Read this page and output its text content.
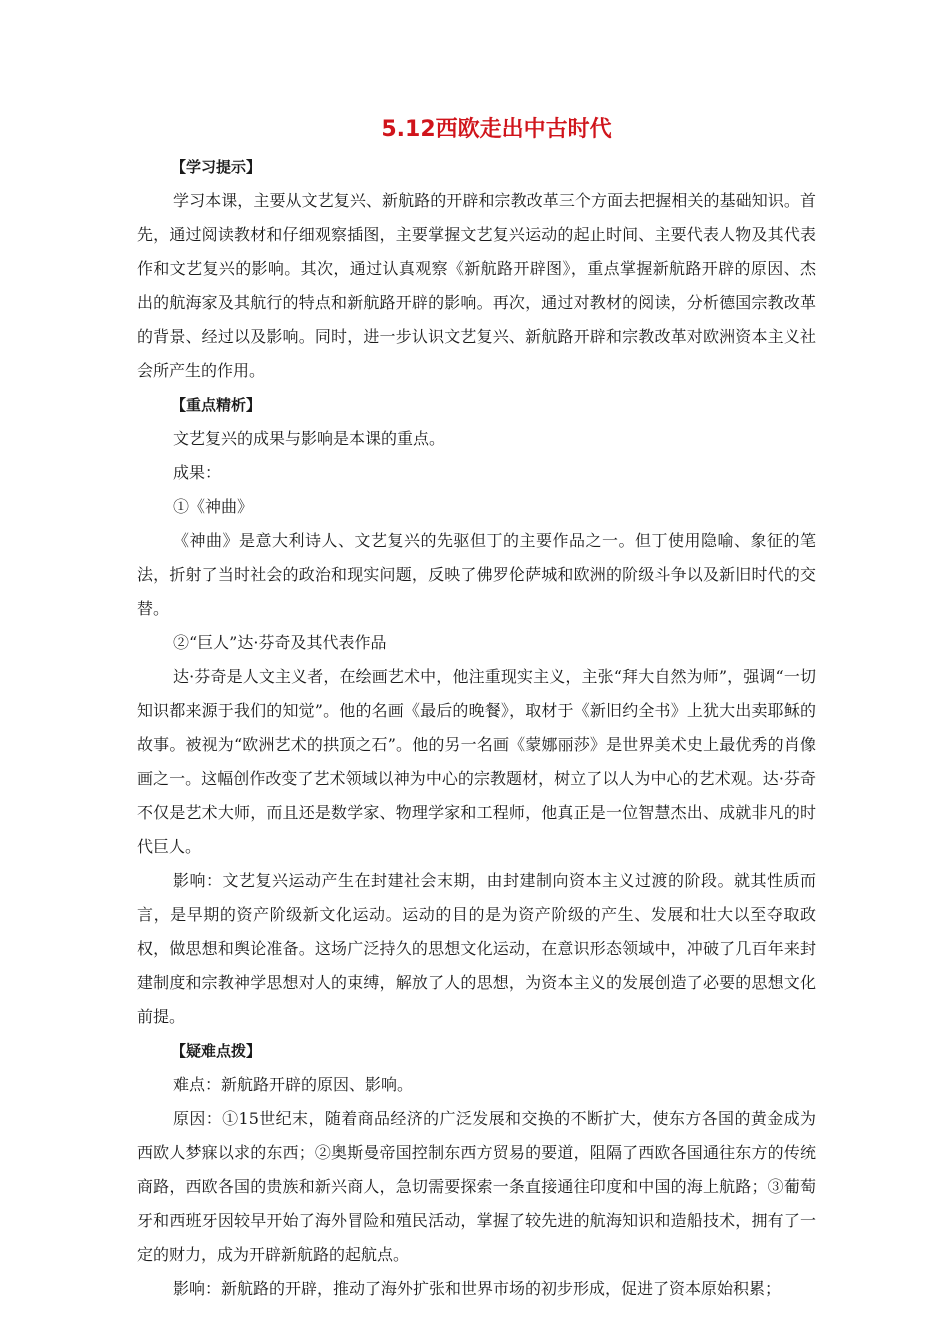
5.12西欧走出中古时代
【学习提示】

学习本课，主要从文艺复兴、新航路的开辟和宗教改革三个方面去把握相关的基础知识。首先，通过阅读教材和仔细观察插图，主要掌握文艺复兴运动的起止时间、主要代表人物及其代表作和文艺复兴的影响。其次，通过认真观察《新航路开辟图》，重点掌握新航路开辟的原因、杰出的航海家及其航行的特点和新航路开辟的影响。再次，通过对教材的阅读，分析德国宗教改革的背景、经过以及影响。同时，进一步认识文艺复兴、新航路开辟和宗教改革对欧洲资本主义社会所产生的作用。

【重点精析】

文艺复兴的成果与影响是本课的重点。

成果：

①《神曲》

《神曲》是意大利诗人、文艺复兴的先驱但丁的主要作品之一。但丁使用隐喻、象征的笔法，折射了当时社会的政治和现实问题，反映了佛罗伦萨城和欧洲的阶级斗争以及新旧时代的交替。

②“巨人”达·芬奇及其代表作品

达·芬奇是人文主义者，在绘画艺术中，他注重现实主义，主张“拜大自然为师”，强调“一切知识都来源于我们的知觉”。他的名画《最后的晚餐》，取材于《新旧约全书》上犹大出卖耶稣的故事。被视为“欧洲艺术的拱顶之石”。他的另一名画《蒙娜丽莎》是世界美术史上最优秀的肖像画之一。这幅创作改变了艺术领域以神为中心的宗教题材，树立了以人为中心的艺术观。达·芬奇不仅是艺术大师，而且还是数学家、物理学家和工程师，他真正是一位智慧杰出、成就非凡的时代巨人。

影响：文艺复兴运动产生在封建社会末期，由封建制向资本主义过渡的阶段。就其性质而言，是早期的资产阶级新文化运动。运动的目的是为资产阶级的产生、发展和壮大以至夺取政权，做思想和舆论准备。这场广泛持久的思想文化运动，在意识形态领域中，冲破了几百年来封建制度和宗教神学思想对人的束缚，解放了人的思想，为资本主义的发展创造了必要的思想文化前提。

【疑难点拨】

难点：新航路开辟的原因、影响。

原因：①15世纪末，随着商品经济的广泛发展和交换的不断扩大，使东方各国的黄金成为西欧人梦寐以求的东西；②奥斯曼帝国控制东西方贸易的要道，阻隔了西欧各国通往东方的传统商路，西欧各国的贵族和新兴商人，急切需要探索一条直接通往印度和中国的海上航路；③葡萄牙和西班牙因较早开始了海外冒险和殖民活动，掌握了较先进的航海知识和造船技术，拥有了一定的财力，成为开辟新航路的起航点。

影响：新航路的开辟，推动了海外扩张和世界市场的初步形成，促进了资本原始积累；
